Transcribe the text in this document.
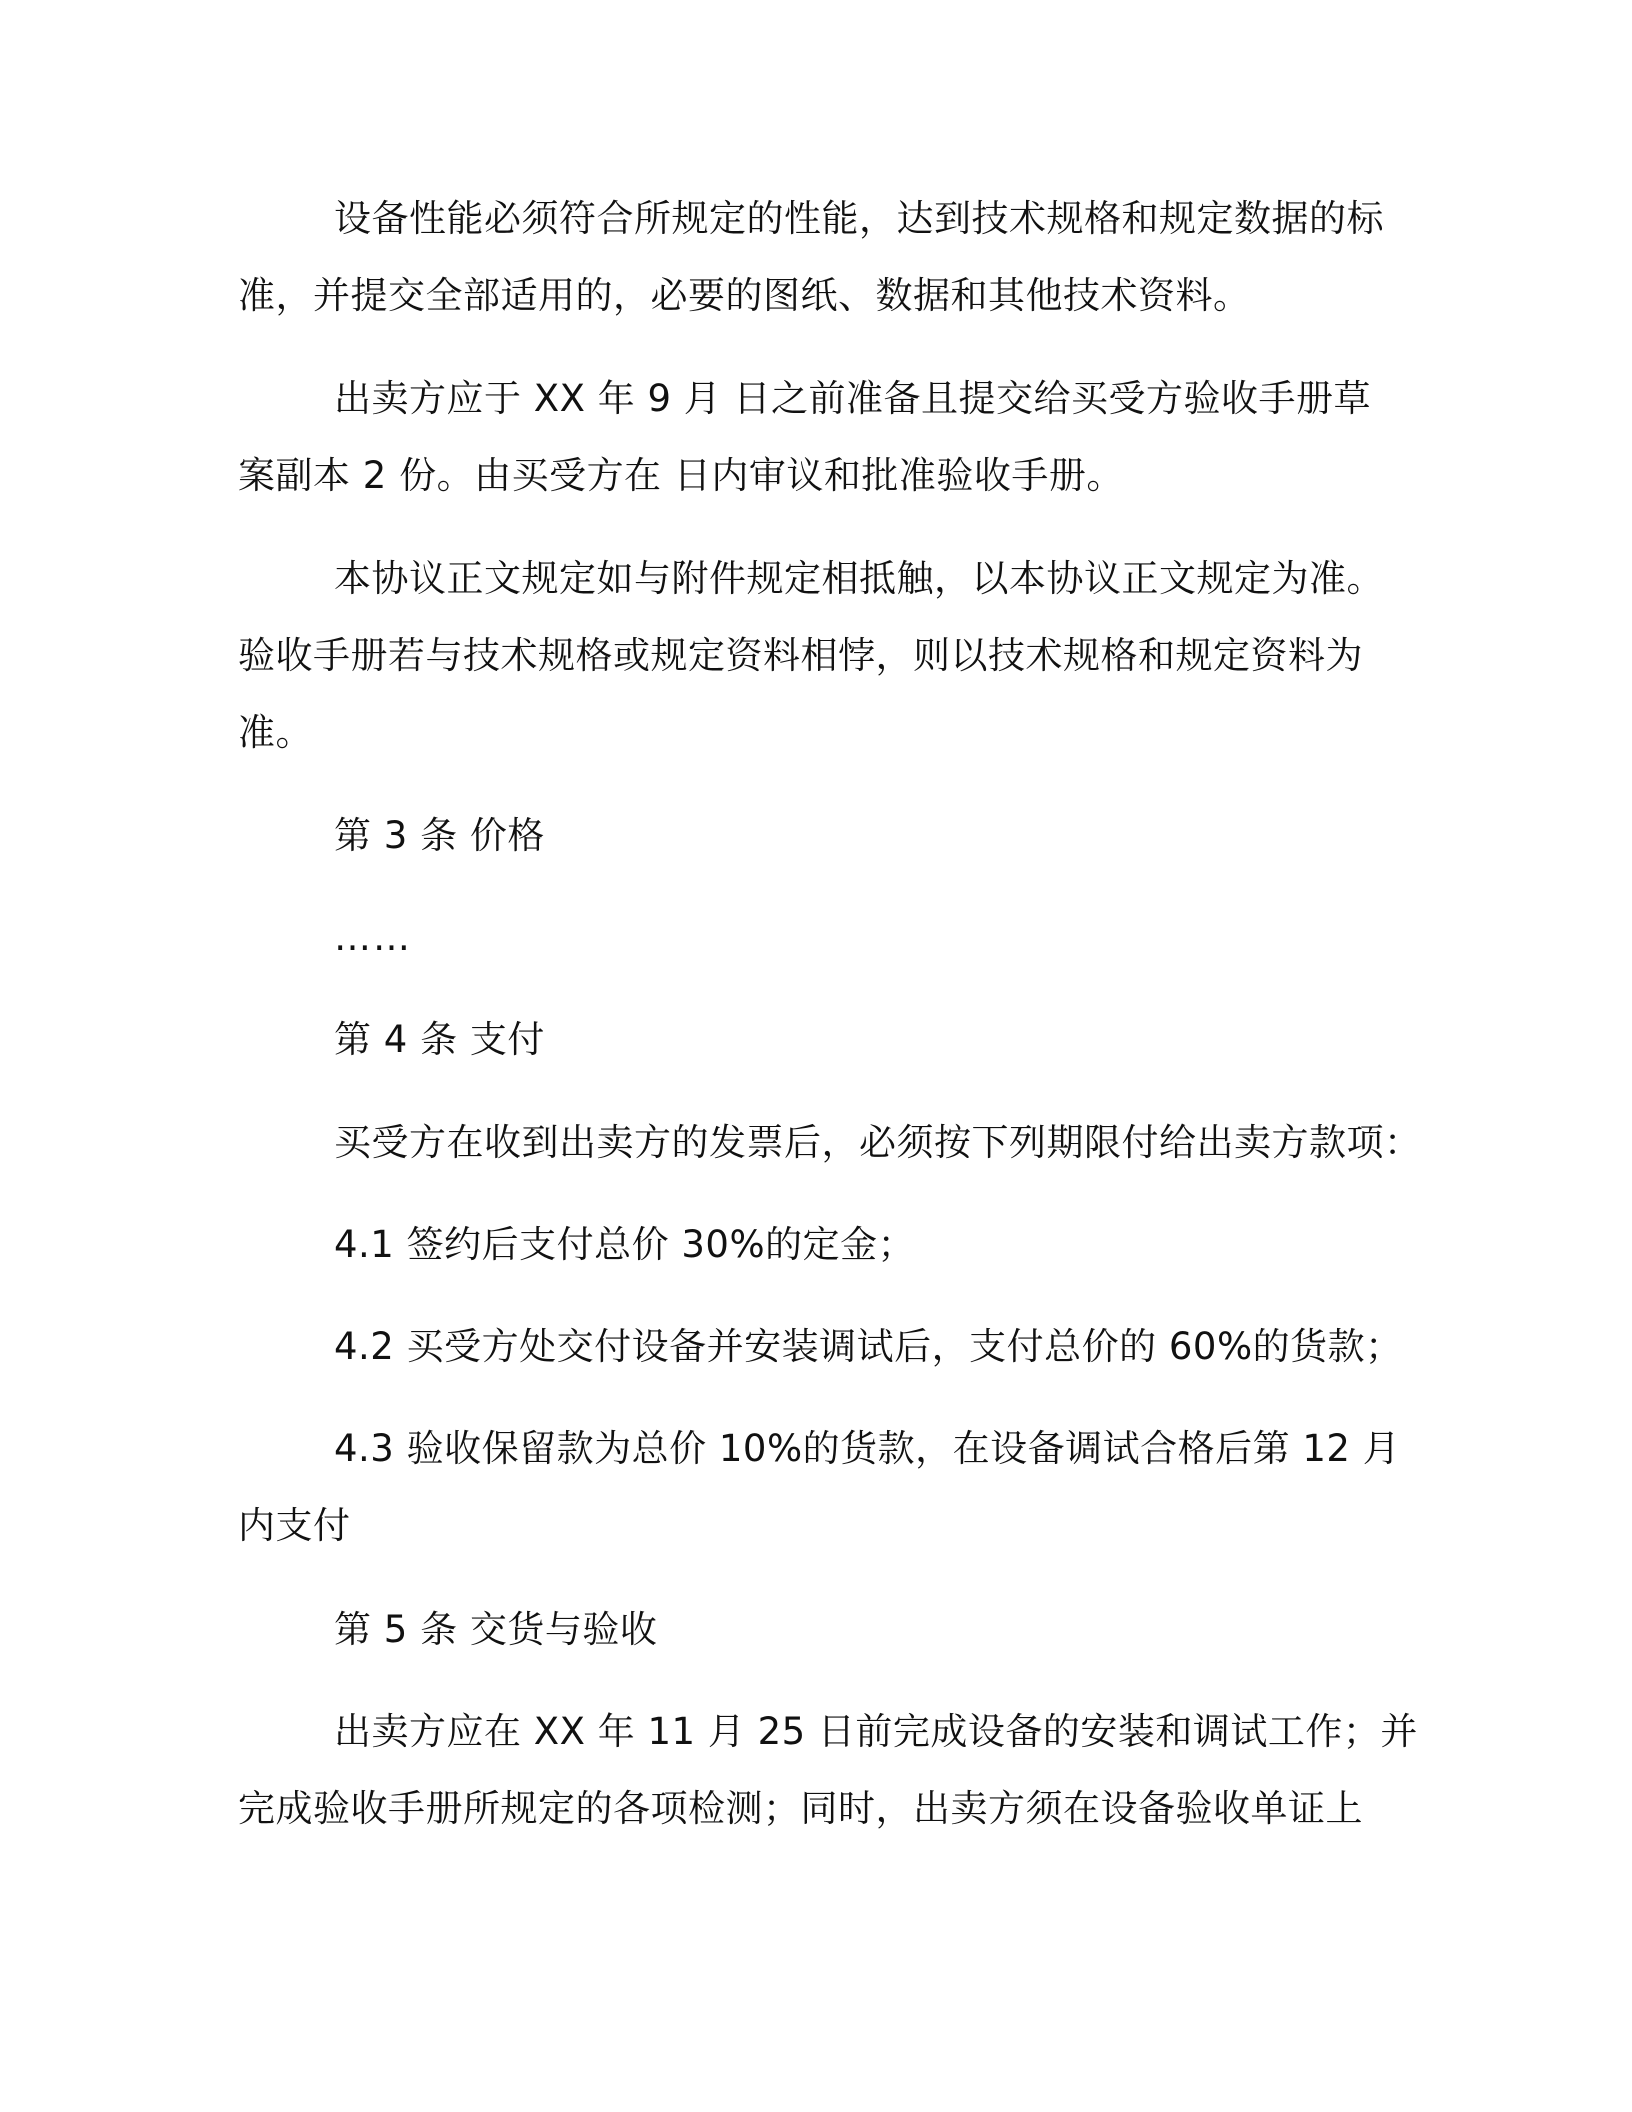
设备性能必须符合所规定的性能，达到技术规格和规定数据的标
准，并提交全部适用的，必要的图纸、数据和其他技术资料。
出卖方应于 XX 年 9 月 日之前准备且提交给买受方验收手册草
案副本 2 份。由买受方在 日内审议和批准验收手册。
本协议正文规定如与附件规定相抵触，以本协议正文规定为准。
验收手册若与技术规格或规定资料相悖，则以技术规格和规定资料为
准。
第 3 条 价格
……
第 4 条 支付
买受方在收到出卖方的发票后，必须按下列期限付给出卖方款项：
4.1 签约后支付总价 30%的定金；
4.2 买受方处交付设备并安装调试后，支付总价的 60%的货款；
4.3 验收保留款为总价 10%的货款，在设备调试合格后第 12 月
内支付
第 5 条 交货与验收
出卖方应在 XX 年 11 月 25 日前完成设备的安装和调试工作；并
完成验收手册所规定的各项检测；同时，出卖方须在设备验收单证上
